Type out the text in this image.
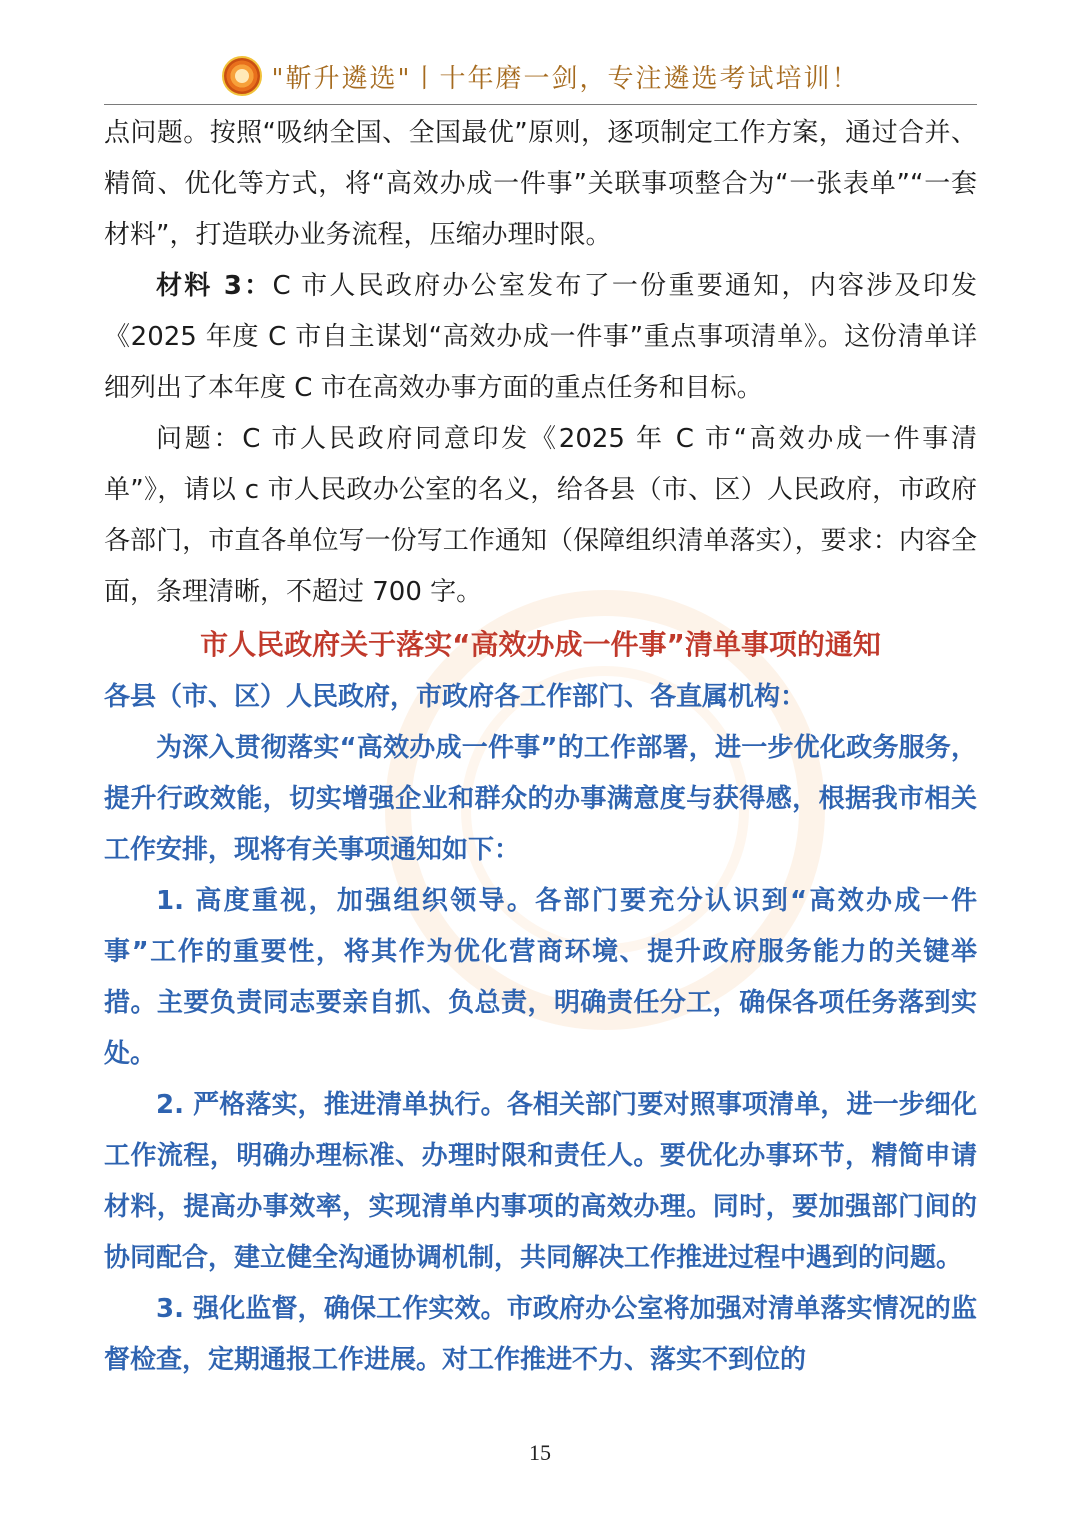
"靳升遴选"丨十年磨一剑，专注遴选考试培训！

点问题。按照“吸纳全国、全国最优”原则，逐项制定工作方案，通过合并、精简、优化等方式，将“高效办成一件事”关联事项整合为“一张表单”“一套材料”，打造联办业务流程，压缩办理时限。

材料 3：C 市人民政府办公室发布了一份重要通知，内容涉及印发《2025 年度 C 市自主谋划“高效办成一件事”重点事项清单》。这份清单详细列出了本年度 C 市在高效办事方面的重点任务和目标。

问题：C 市人民政府同意印发《2025 年 C 市“高效办成一件事清单”》，请以 c 市人民政办公室的名义，给各县（市、区）人民政府，市政府各部门，市直各单位写一份写工作通知（保障组织清单落实），要求：内容全面，条理清晰，不超过 700 字。

市人民政府关于落实“高效办成一件事”清单事项的通知

各县（市、区）人民政府，市政府各工作部门、各直属机构：

为深入贯彻落实“高效办成一件事”的工作部署，进一步优化政务服务，提升行政效能，切实增强企业和群众的办事满意度与获得感，根据我市相关工作安排，现将有关事项通知如下：

1. 高度重视，加强组织领导。各部门要充分认识到“高效办成一件事”工作的重要性，将其作为优化营商环境、提升政府服务能力的关键举措。主要负责同志要亲自抓、负总责，明确责任分工，确保各项任务落到实处。

2. 严格落实，推进清单执行。各相关部门要对照事项清单，进一步细化工作流程，明确办理标准、办理时限和责任人。要优化办事环节，精简申请材料，提高办事效率，实现清单内事项的高效办理。同时，要加强部门间的协同配合，建立健全沟通协调机制，共同解决工作推进过程中遇到的问题。

3. 强化监督，确保工作实效。市政府办公室将加强对清单落实情况的监督检查，定期通报工作进展。对工作推进不力、落实不到位的

15
